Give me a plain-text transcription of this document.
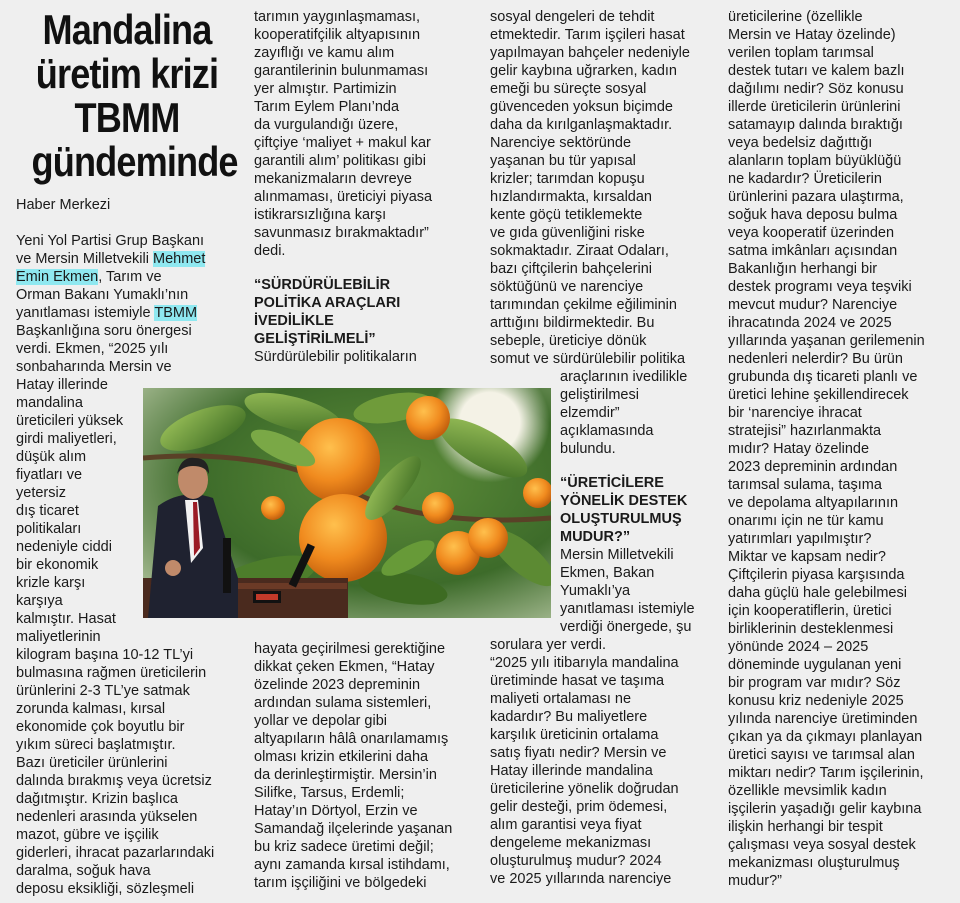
Mandalina
üretim krizi
TBMM
gündeminde
Haber Merkezi
Yeni Yol Partisi Grup Başkanı
ve Mersin Milletvekili Mehmet
Emin Ekmen, Tarım ve
Orman Bakanı Yumaklı’nın
yanıtlaması istemiyle TBMM
Başkanlığına soru önergesi
verdi. Ekmen, “2025 yılı
sonbaharında Mersin ve
Hatay illerinde
mandalina
üreticileri yüksek
girdi maliyetleri,
düşük alım
fiyatları ve
yetersiz
dış ticaret
politikaları
nedeniyle ciddi
bir ekonomik
krizle karşı
karşıya
kalmıştır. Hasat
maliyetlerinin
kilogram başına 10-12 TL’yi
bulmasına rağmen üreticilerin
ürünlerini 2-3 TL’ye satmak
zorunda kalması, kırsal
ekonomide çok boyutlu bir
yıkım süreci başlatmıştır.
Bazı üreticiler ürünlerini
dalında bırakmış veya ücretsiz
dağıtmıştır. Krizin başlıca
nedenleri arasında yükselen
mazot, gübre ve işçilik
giderleri, ihracat pazarlarındaki
daralma, soğuk hava
deposu eksikliği, sözleşmeli
tarımın yaygınlaşmaması,
kooperatifçilik altyapısının
zayıflığı ve kamu alım
garantilerinin bulunmaması
yer almıştır. Partimizin
Tarım Eylem Planı’nda
da vurgulandığı üzere,
çiftçiye ‘maliyet + makul kar
garantili alım’ politikası gibi
mekanizmaların devreye
alınmaması, üreticiyi piyasa
istikrarsızlığına karşı
savunmasız bırakmaktadır”
dedi.
“SÜRDÜRÜLEBİLİR
POLİTİKA ARAÇLARI
İVEDİLİKLE
GELİŞTİRİLMELİ”
Sürdürülebilir politikaların
hayata geçirilmesi gerektiğine
dikkat çeken Ekmen, “Hatay
özelinde 2023 depreminin
ardından sulama sistemleri,
yollar ve depolar gibi
altyapıların hâlâ onarılamamış
olması krizin etkilerini daha
da derinleştirmiştir. Mersin’in
Silifke, Tarsus, Erdemli;
Hatay’ın Dörtyol, Erzin ve
Samandağ ilçelerinde yaşanan
bu kriz sadece üretimi değil;
aynı zamanda kırsal istihdamı,
tarım işçiliğini ve bölgedeki
sosyal dengeleri de tehdit
etmektedir. Tarım işçileri hasat
yapılmayan bahçeler nedeniyle
gelir kaybına uğrarken, kadın
emeği bu süreçte sosyal
güvenceden yoksun biçimde
daha da kırılganlaşmaktadır.
Narenciye sektöründe
yaşanan bu tür yapısal
krizler; tarımdan kopuşu
hızlandırmakta, kırsaldan
kente göçü tetiklemekte
ve gıda güvenliğini riske
sokmaktadır. Ziraat Odaları,
bazı çiftçilerin bahçelerini
söktüğünü ve narenciye
tarımından çekilme eğiliminin
arttığını bildirmektedir. Bu
sebeple, üreticiye dönük
somut ve sürdürülebilir politika
araçlarının ivedilikle
geliştirilmesi
elzemdir”
açıklamasında
bulundu.
“ÜRETİCİLERE
YÖNELİK DESTEK
OLUŞTURULMUŞ
MUDUR?”
Mersin Milletvekili
Ekmen, Bakan
Yumaklı’ya
yanıtlaması istemiyle
verdiği önergede, şu
sorulara yer verdi.
“2025 yılı itibarıyla mandalina
üretiminde hasat ve taşıma
maliyeti ortalaması ne
kadardır? Bu maliyetlere
karşılık üreticinin ortalama
satış fiyatı nedir? Mersin ve
Hatay illerinde mandalina
üreticilerine yönelik doğrudan
gelir desteği, prim ödemesi,
alım garantisi veya fiyat
dengeleme mekanizması
oluşturulmuş mudur? 2024
ve 2025 yıllarında narenciye
üreticilerine (özellikle
Mersin ve Hatay özelinde)
verilen toplam tarımsal
destek tutarı ve kalem bazlı
dağılımı nedir? Söz konusu
illerde üreticilerin ürünlerini
satamayıp dalında bıraktığı
veya bedelsiz dağıttığı
alanların toplam büyüklüğü
ne kadardır? Üreticilerin
ürünlerini pazara ulaştırma,
soğuk hava deposu bulma
veya kooperatif üzerinden
satma imkânları açısından
Bakanlığın herhangi bir
destek programı veya teşviki
mevcut mudur? Narenciye
ihracatında 2024 ve 2025
yıllarında yaşanan gerilemenin
nedenleri nelerdir? Bu ürün
grubunda dış ticareti planlı ve
üretici lehine şekillendirecek
bir ‘narenciye ihracat
stratejisi” hazırlanmakta
mıdır? Hatay özelinde
2023 depreminin ardından
tarımsal sulama, taşıma
ve depolama altyapılarının
onarımı için ne tür kamu
yatırımları yapılmıştır?
Miktar ve kapsam nedir?
Çiftçilerin piyasa karşısında
daha güçlü hale gelebilmesi
için kooperatiflerin, üretici
birliklerinin desteklenmesi
yönünde 2024 – 2025
döneminde uygulanan yeni
bir program var mıdır? Söz
konusu kriz nedeniyle 2025
yılında narenciye üretiminden
çıkan ya da çıkmayı planlayan
üretici sayısı ve tarımsal alan
miktarı nedir? Tarım işçilerinin,
özellikle mevsimlik kadın
işçilerin yaşadığı gelir kaybına
ilişkin herhangi bir tespit
çalışması veya sosyal destek
mekanizması oluşturulmuş
mudur?”
